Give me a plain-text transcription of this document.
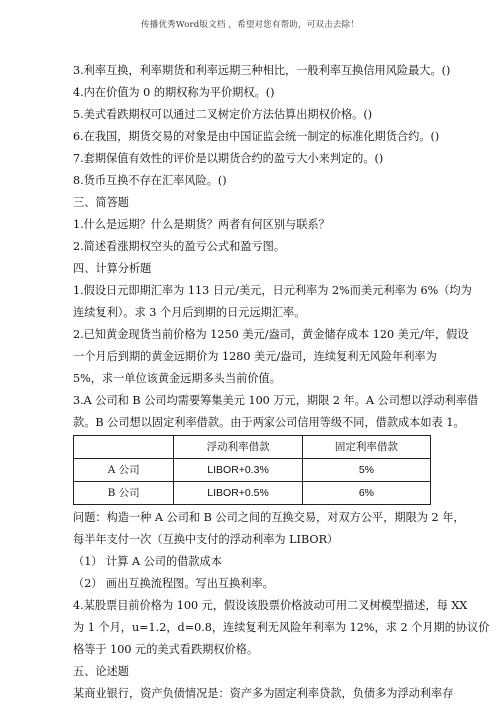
传播优秀Word版文档 ，希望对您有帮助，可双击去除！
3.利率互换，利率期货和利率远期三种相比，一般利率互换信用风险最大。()
4.内在价值为 0 的期权称为平价期权。()
5.美式看跌期权可以通过二叉树定价方法估算出期权价格。()
6.在我国，期货交易的对象是由中国证监会统一制定的标准化期货合约。()
7.套期保值有效性的评价是以期货合约的盈亏大小来判定的。()
8.货币互换不存在汇率风险。()
三、简答题
1.什么是远期？什么是期货？两者有何区别与联系？
2.简述看涨期权空头的盈亏公式和盈亏图。
四、计算分析题
1.假设日元即期汇率为 113 日元/美元，日元利率为 2%而美元利率为 6%（均为
连续复利）。求 3 个月后到期的日元远期汇率。
2.已知黄金现货当前价格为 1250 美元/盎司，黄金储存成本 120 美元/年，假设
一个月后到期的黄金远期价为 1280 美元/盎司，连续复利无风险年利率为
5%，求一单位该黄金远期多头当前价值。
3.A 公司和 B 公司均需要筹集美元 100 万元，期限 2 年。A 公司想以浮动利率借
款。B 公司想以固定利率借款。由于两家公司信用等级不同，借款成本如表 1。
	浮动利率借款	固定利率借款
A 公司	LIBOR+0.3%	5%
B 公司	LIBOR+0.5%	6%
问题：构造一种 A 公司和 B 公司之间的互换交易，对双方公平，期限为 2 年，
每半年支付一次（互换中支付的浮动利率为 LIBOR）
（1） 计算 A 公司的借款成本
（2） 画出互换流程图。写出互换利率。
4.某股票目前价格为 100 元，假设该股票价格波动可用二叉树模型描述，每 XX
为 1 个月，u=1.2，d=0.8，连续复利无风险年利率为 12%，求 2 个月期的协议价
格等于 100 元的美式看跌期权价格。
五、论述题
某商业银行，资产负债情况是：资产多为固定利率贷款，负债多为浮动利率存
